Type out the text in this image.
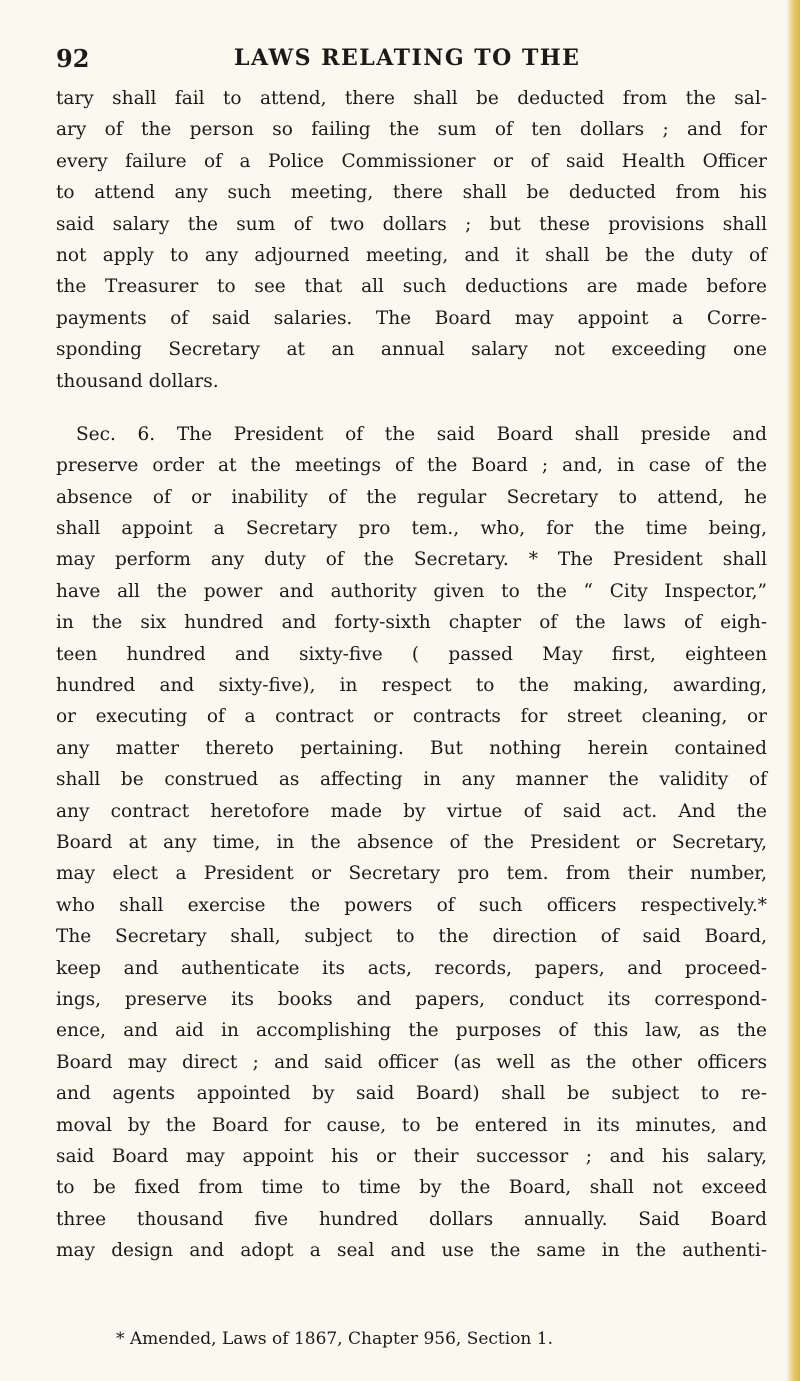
92	LAWS RELATING TO THE
tary shall fail to attend, there shall be deducted from the sal-
ary of the person so failing the sum of ten dollars ; and for
every failure of a Police Commissioner or of said Health Officer
to attend any such meeting, there shall be deducted from his
said salary the sum of two dollars ; but these provisions shall
not apply to any adjourned meeting, and it shall be the duty of
the Treasurer to see that all such deductions are made before
payments of said salaries. The Board may appoint a Corre-
sponding Secretary at an annual salary not exceeding one
thousand dollars.
Sec. 6. The President of the said Board shall preside and
preserve order at the meetings of the Board ; and, in case of the
absence of or inability of the regular Secretary to attend, he
shall appoint a Secretary pro tem., who, for the time being,
may perform any duty of the Secretary. * The President shall
have all the power and authority given to the “ City Inspector,”
in the six hundred and forty-sixth chapter of the laws of eigh-
teen hundred and sixty-five ( passed May first, eighteen
hundred and sixty-five), in respect to the making, awarding,
or executing of a contract or contracts for street cleaning, or
any matter thereto pertaining. But nothing herein contained
shall be construed as affecting in any manner the validity of
any contract heretofore made by virtue of said act. And the
Board at any time, in the absence of the President or Secretary,
may elect a President or Secretary pro tem. from their number,
who shall exercise the powers of such officers respectively.*
The Secretary shall, subject to the direction of said Board,
keep and authenticate its acts, records, papers, and proceed-
ings, preserve its books and papers, conduct its correspond-
ence, and aid in accomplishing the purposes of this law, as the
Board may direct ; and said officer (as well as the other officers
and agents appointed by said Board) shall be subject to re-
moval by the Board for cause, to be entered in its minutes, and
said Board may appoint his or their successor ; and his salary,
to be fixed from time to time by the Board, shall not exceed
three thousand five hundred dollars annually. Said Board
may design and adopt a seal and use the same in the authenti-
* Amended, Laws of 1867, Chapter 956, Section 1.
